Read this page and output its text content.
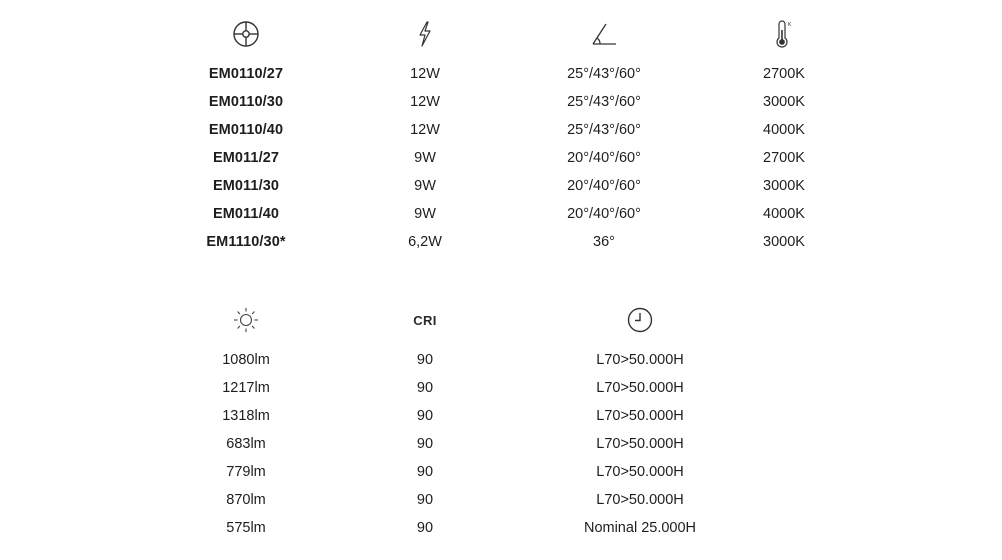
K
EM0110/27	12W	25°/43°/60°	2700K
EM0110/30	12W	25°/43°/60°	3000K
EM0110/40	12W	25°/43°/60°	4000K
EM011/27	9W	20°/40°/60°	2700K
EM011/30	9W	20°/40°/60°	3000K
EM011/40	9W	20°/40°/60°	4000K
EM1110/30*	6,2W	36°	3000K
CRI
1080lm	90	L70>50.000H
1217lm	90	L70>50.000H
1318lm	90	L70>50.000H
683lm	90	L70>50.000H
779lm	90	L70>50.000H
870lm	90	L70>50.000H
575lm	90	Nominal 25.000H
